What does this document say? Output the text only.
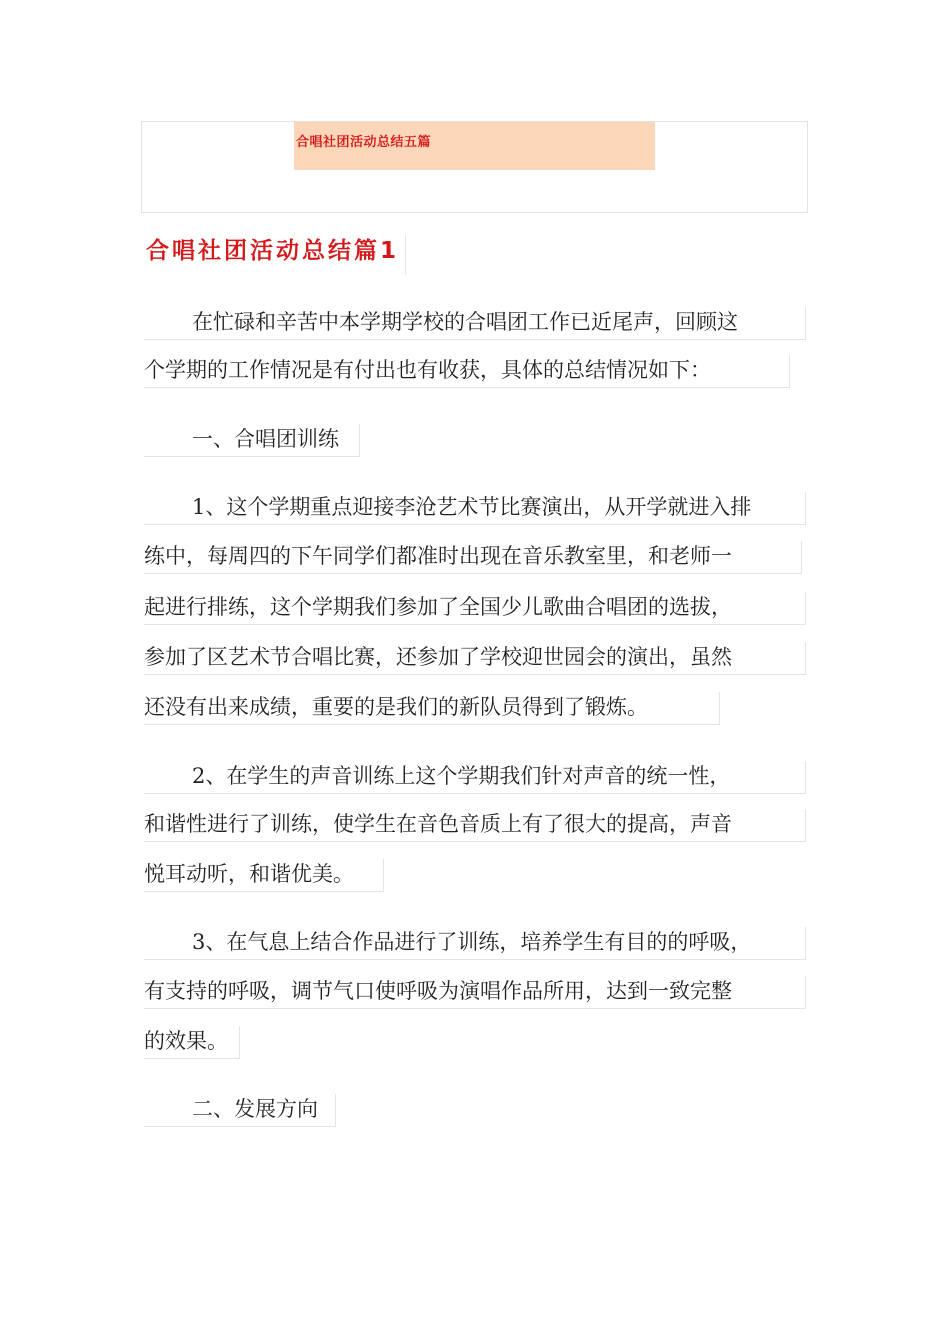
合唱社团活动总结五篇
合唱社团活动总结篇1
在忙碌和辛苦中本学期学校的合唱团工作已近尾声，回顾这
个学期的工作情况是有付出也有收获，具体的总结情况如下：
一、合唱团训练
1、这个学期重点迎接李沧艺术节比赛演出，从开学就进入排
练中，每周四的下午同学们都准时出现在音乐教室里，和老师一
起进行排练，这个学期我们参加了全国少儿歌曲合唱团的选拔，
参加了区艺术节合唱比赛，还参加了学校迎世园会的演出，虽然
还没有出来成绩，重要的是我们的新队员得到了锻炼。
2、在学生的声音训练上这个学期我们针对声音的统一性，
和谐性进行了训练，使学生在音色音质上有了很大的提高，声音
悦耳动听，和谐优美。
3、在气息上结合作品进行了训练，培养学生有目的的呼吸，
有支持的呼吸，调节气口使呼吸为演唱作品所用，达到一致完整
的效果。
二、发展方向
